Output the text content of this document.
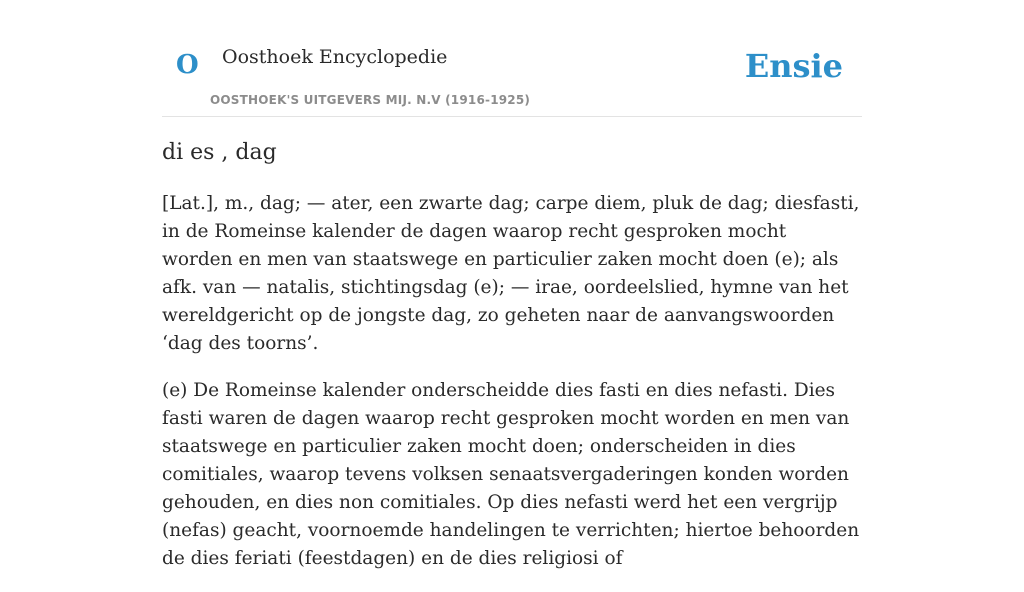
O Oosthoek Encyclopedie
OOSTHOEK'S UITGEVERS MIJ. N.V (1916-1925)
Ensie
di es , dag

[Lat.], m., dag; — ater, een zwarte dag; carpe diem, pluk de dag; diesfasti, in de Romeinse kalender de dagen waarop recht gesproken mocht worden en men van staatswege en particulier zaken mocht doen (e); als afk. van — natalis, stichtingsdag (e); — irae, oordeelslied, hymne van het wereldgericht op de jongste dag, zo geheten naar de aanvangswoorden ‘dag des toorns’.

(e) De Romeinse kalender onderscheidde dies fasti en dies nefasti. Dies fasti waren de dagen waarop recht gesproken mocht worden en men van staatswege en particulier zaken mocht doen; onderscheiden in dies comitiales, waarop tevens volksen senaatsvergaderingen konden worden gehouden, en dies non comitiales. Op dies nefasti werd het een vergrijp (nefas) geacht, voornoemde handelingen te verrichten; hiertoe behoorden de dies feriati (feestdagen) en de dies religiosi of
